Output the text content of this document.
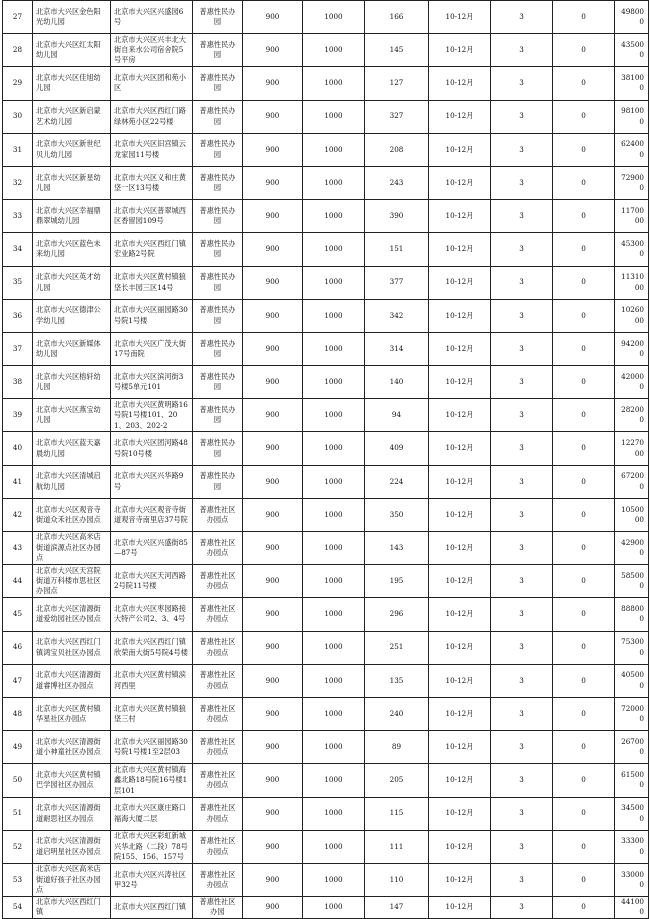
27	北京市大兴区金色阳光幼儿园	北京市大兴区兴盛园6号	普惠性民办园	900	1000	166	10-12月	3	0	498000
28	北京市大兴区红太阳幼儿园	北京市大兴区兴丰北大街自来水公司宿舍院5号平房	普惠性民办园	900	1000	145	10-12月	3	0	435000
29	北京市大兴区佳旭幼儿园	北京市大兴区团和苑小区	普惠性民办园	900	1000	127	10-12月	3	0	381000
30	北京市大兴区新启蒙艺术幼儿园	北京市大兴区西红门路绿林苑小区22号楼	普惠性民办园	900	1000	327	10-12月	3	0	981000
31	北京市大兴区新世纪贝儿幼儿园	北京市大兴区旧宫镇云龙家园11号楼	普惠性民办园	900	1000	208	10-12月	3	0	624000
32	北京市大兴区新星幼儿园	北京市大兴区义和庄黄垡一区13号楼	普惠性民办园	900	1000	243	10-12月	3	0	729000
33	北京市大兴区幸福鼎鼎翠城幼儿园	北京市大兴区普翠城西区香留园109号	普惠性民办园	900	1000	390	10-12月	3	0	1170000
34	北京市大兴区蓝色未来幼儿园	北京市大兴区西红门镇宏业路2号院	普惠性民办园	900	1000	151	10-12月	3	0	453000
35	北京市大兴区英才幼儿园	北京市大兴区黄村镇狼垡长丰园三区14号	普惠性民办园	900	1000	377	10-12月	3	0	1131000
36	北京市大兴区德津公学幼儿园	北京市大兴区丽园路30号院1号楼	普惠性民办园	900	1000	342	10-12月	3	0	1026000
37	北京市大兴区新媒体幼儿园	北京市大兴区广茂大街17号南院	普惠性民办园	900	1000	314	10-12月	3	0	942000
38	北京市大兴区榕轩幼儿园	北京市大兴区滨河街3号楼5单元101	普惠性民办园	900	1000	140	10-12月	3	0	420000
39	北京市大兴区燕宝幼儿园	北京市大兴区黄明路16号院1号楼101、201、203、202-2	普惠性民办园	900	1000	94	10-12月	3	0	282000
40	北京市大兴区蓝天嘉晨幼儿园	北京市大兴区团河路48号院10号楼	普惠性民办园	900	1000	409	10-12月	3	0	1227000
41	北京市大兴区清城启航幼儿园	北京市大兴区兴华路9号	普惠性民办园	900	1000	224	10-12月	3	0	672000
42	北京市大兴区观音寺街道众禾社区办园点	北京市大兴区观音寺街道观音寺南里店37号院	普惠性社区办园点	900	1000	350	10-12月	3	0	1050000
43	北京市大兴区高米店街道滨源点社区办园点	北京市大兴区兴盛街85—87号	普惠性社区办园点	900	1000	143	10-12月	3	0	429000
44	北京市大兴区天宫院街道万科楼市思社区办园点	北京市大兴区天河西路2号院11号楼	普惠性社区办园点	900	1000	195	10-12月	3	0	585000
45	北京市大兴区清源街道爱幼园社区办园点	北京市大兴区枣园路接大特产公司2、3、4号	普惠性社区办园点	900	1000	296	10-12月	3	0	888000
46	北京市大兴区西红门镇鸿宝贝社区办园点	北京市大兴区西红门镇欣荣南大街5号院4号楼	普惠性社区办园点	900	1000	251	10-12月	3	0	753000
47	北京市大兴区清源街道睿博社区办园点	北京市大兴区黄村镇滨河西里	普惠性社区办园点	900	1000	135	10-12月	3	0	405000
48	北京市大兴区黄村镇华星社区办园点	北京市大兴区黄村镇狼垡三村	普惠性社区办园点	900	1000	240	10-12月	3	0	720000
49	北京市大兴区清源街道小神童社区办园点	北京市大兴区丽园路30号院1号楼1至2层03	普惠性社区办园点	900	1000	89	10-12月	3	0	267000
50	北京市大兴区黄村镇巴学园社区办园点	北京市大兴区黄村镇海鑫北路18号院16号楼1层101	普惠性社区办园点	900	1000	205	10-12月	3	0	615000
51	北京市大兴区清源街道耐思社区办园点	北京市大兴区康庄路口福海大厦二层	普惠性社区办园点	900	1000	115	10-12月	3	0	345000
52	北京市大兴区清源街道启明星社区办园点	北京市大兴区彩虹新城兴华北路（二段）78号院155、156、157号	普惠性社区办园点	900	1000	111	10-12月	3	0	333000
53	北京市大兴区高米店街道好孩子社区办园点	北京市大兴区兴涛社区甲32号	普惠性社区办园点	900	1000	110	10-12月	3	0	330000
54	北京市大兴区西红门镇	北京市大兴区西红门镇	普惠性社区办园	900	1000	147	10-12月	3	0	441000
